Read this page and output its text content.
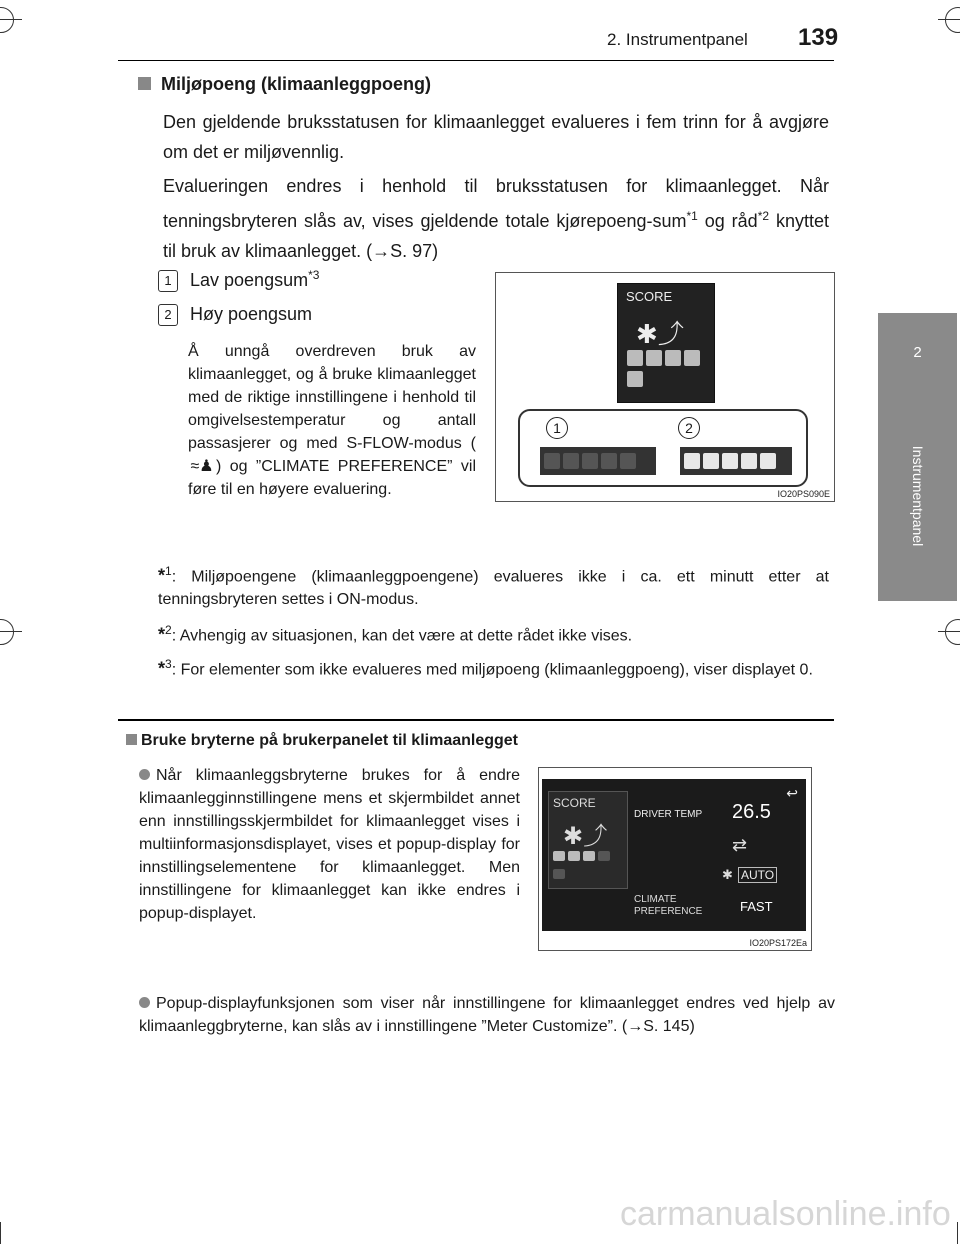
2. Instrumentpanel 139
2
Instrumentpanel
Miljøpoeng (klimaanleggpoeng)
Den gjeldende bruksstatusen for klimaanlegget evalueres i fem trinn for å avgjøre om det er miljøvennlig.
Evalueringen endres i henhold til bruksstatusen for klimaanlegget. Når tenningsbryteren slås av, vises gjeldende totale kjørepoeng-sum$^{*1}$ og råd$^{*2}$ knyttet til bruk av klimaanlegget. (→S. 97)
1 Lav poengsum$^{*3}$
2 Høy poengsum
Å unngå overdreven bruk av klimaanlegget, og å bruke klimaanlegget med de riktige innstillingene i henhold til omgivelsestemperatur og antall passasjerer og med S-FLOW-modus (≈♟ ) og ”CLIMATE PREFERENCE” vil føre til en høyere evaluering.
SCORE
✱⤴
1	2
IO20PS090E
*$^1$: Miljøpoengene (klimaanleggpoengene) evalueres ikke i ca. ett minutt etter at tenningsbryteren settes i ON-modus.
*$^2$: Avhengig av situasjonen, kan det være at dette rådet ikke vises.
*$^3$: For elementer som ikke evalueres med miljøpoeng (klimaanleggpoeng), viser displayet 0.
Bruke bryterne på brukerpanelet til klimaanlegget
Når klimaanleggsbryterne brukes for å endre klimaanlegginnstillingene mens et skjermbildet annet enn innstillingsskjermbildet for klimaanlegget vises i multiinformasjonsdisplayet, vises et popup-display for innstillingselementene for klimaanlegget. Men innstillingene for klimaanlegget kan ikke endres i popup-displayet.
SCORE
✱⤴
DRIVER TEMP 26.5
↩
⇄
✱ AUTO
CLIMATE
PREFERENCE	FAST
IO20PS172Ea
Popup-displayfunksjonen som viser når innstillingene for klimaanlegget endres ved hjelp av klimaanleggbryterne, kan slås av i innstillingene ”Meter Customize”. (→S. 145)
carmanualsonline.info
